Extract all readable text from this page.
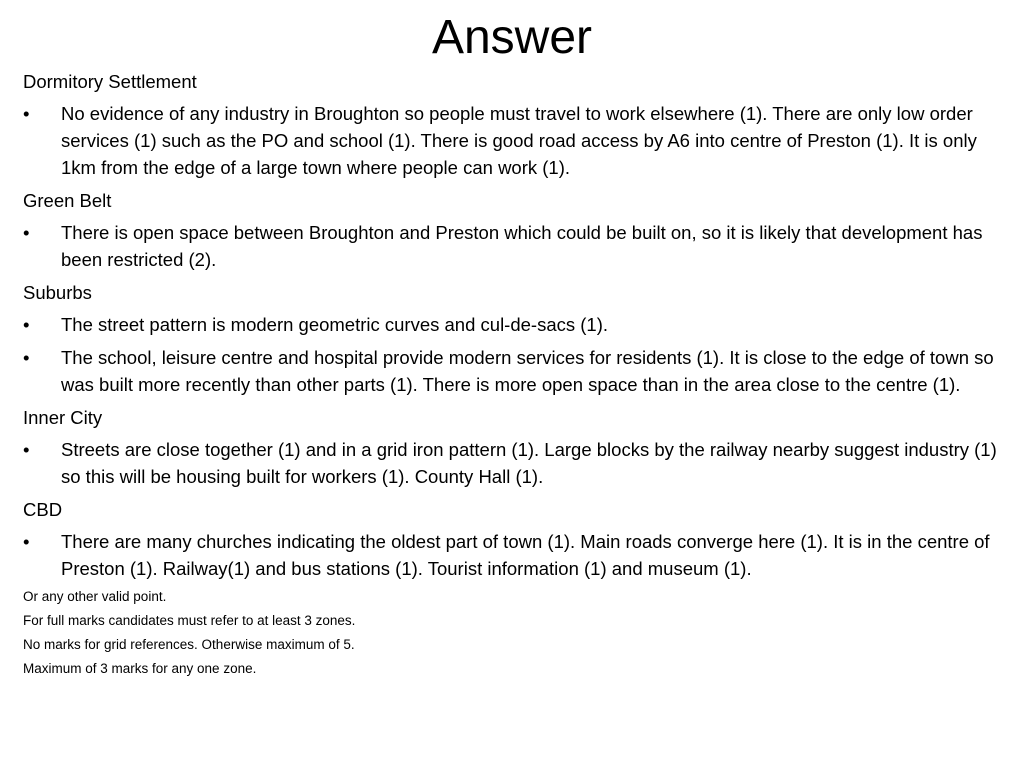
Answer
Dormitory Settlement
•	No evidence of any industry in Broughton so people must travel to work elsewhere (1). There are only low order services (1) such as the PO and school (1). There is good road access by A6 into centre of Preston (1). It is only 1km from the edge of a large town where people can work (1).
Green Belt
•	There is open space between Broughton and Preston which could be built on, so it is likely that development has been restricted (2).
Suburbs
•	The street pattern is modern geometric curves and cul-de-sacs (1).
•	The school, leisure centre and hospital provide modern services for residents (1). It is close to the edge of town so was built more recently than other parts (1). There is more open space than in the area close to the centre (1).
Inner City
•	Streets are close together (1) and in a grid iron pattern (1). Large blocks by the railway nearby suggest industry (1) so this will be housing built for workers (1). County Hall (1).
CBD
•	There are many churches indicating the oldest part of town (1). Main roads converge here (1). It is in the centre of Preston (1). Railway(1) and bus stations (1). Tourist information (1) and museum (1).
Or any other valid point.
For full marks candidates must refer to at least 3 zones.
No marks for grid references. Otherwise maximum of 5.
Maximum of 3 marks for any one zone.
